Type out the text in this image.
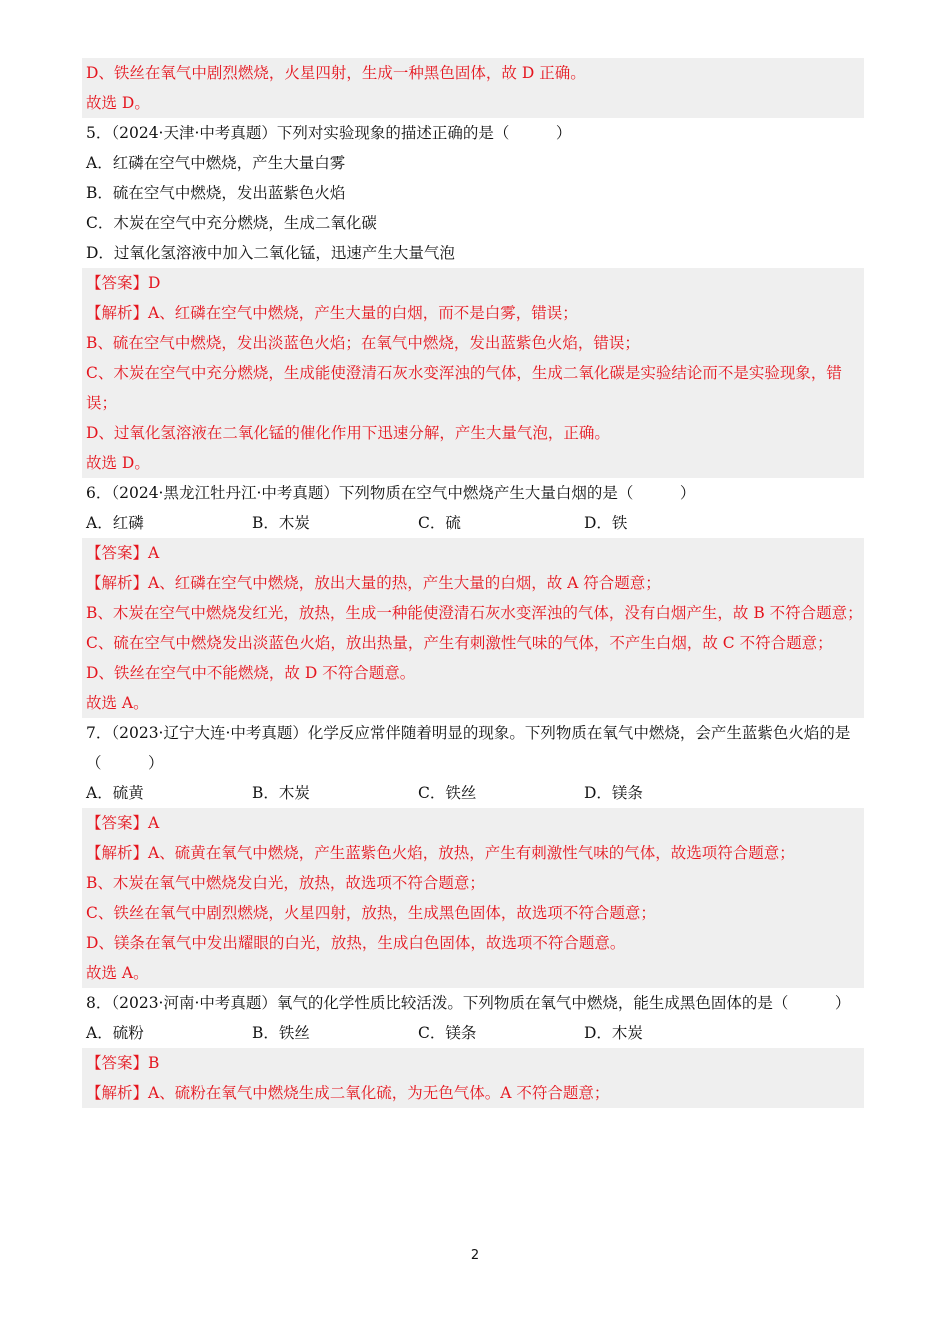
D、铁丝在氧气中剧烈燃烧，火星四射，生成一种黑色固体，故 D 正确。
故选 D。
5．（2024·天津·中考真题）下列对实验现象的描述正确的是（　　　）
A．红磷在空气中燃烧，产生大量白雾
B．硫在空气中燃烧，发出蓝紫色火焰
C．木炭在空气中充分燃烧，生成二氧化碳
D．过氧化氢溶液中加入二氧化锰，迅速产生大量气泡
【答案】D
【解析】A、红磷在空气中燃烧，产生大量的白烟，而不是白雾，错误；
B、硫在空气中燃烧，发出淡蓝色火焰；在氧气中燃烧，发出蓝紫色火焰，错误；
C、木炭在空气中充分燃烧，生成能使澄清石灰水变浑浊的气体，生成二氧化碳是实验结论而不是实验现象，错误；
D、过氧化氢溶液在二氧化锰的催化作用下迅速分解，产生大量气泡，正确。
故选 D。
6．（2024·黑龙江牡丹江·中考真题）下列物质在空气中燃烧产生大量白烟的是（　　　）
A．红磷	B．木炭	C．硫	D．铁
【答案】A
【解析】A、红磷在空气中燃烧，放出大量的热，产生大量的白烟，故 A 符合题意；
B、木炭在空气中燃烧发红光，放热，生成一种能使澄清石灰水变浑浊的气体，没有白烟产生，故 B 不符合题意；
C、硫在空气中燃烧发出淡蓝色火焰，放出热量，产生有刺激性气味的气体，不产生白烟，故 C 不符合题意；
D、铁丝在空气中不能燃烧，故 D 不符合题意。
故选 A。
7．（2023·辽宁大连·中考真题）化学反应常伴随着明显的现象。下列物质在氧气中燃烧，会产生蓝紫色火焰的是（　　　）
A．硫黄	B．木炭	C．铁丝	D．镁条
【答案】A
【解析】A、硫黄在氧气中燃烧，产生蓝紫色火焰，放热，产生有刺激性气味的气体，故选项符合题意；
B、木炭在氧气中燃烧发白光，放热，故选项不符合题意；
C、铁丝在氧气中剧烈燃烧，火星四射，放热，生成黑色固体，故选项不符合题意；
D、镁条在氧气中发出耀眼的白光，放热，生成白色固体，故选项不符合题意。
故选 A。
8．（2023·河南·中考真题）氧气的化学性质比较活泼。下列物质在氧气中燃烧，能生成黑色固体的是（　　　）
A．硫粉	B．铁丝	C．镁条	D．木炭
【答案】B
【解析】A、硫粉在氧气中燃烧生成二氧化硫，为无色气体。A 不符合题意；
2
